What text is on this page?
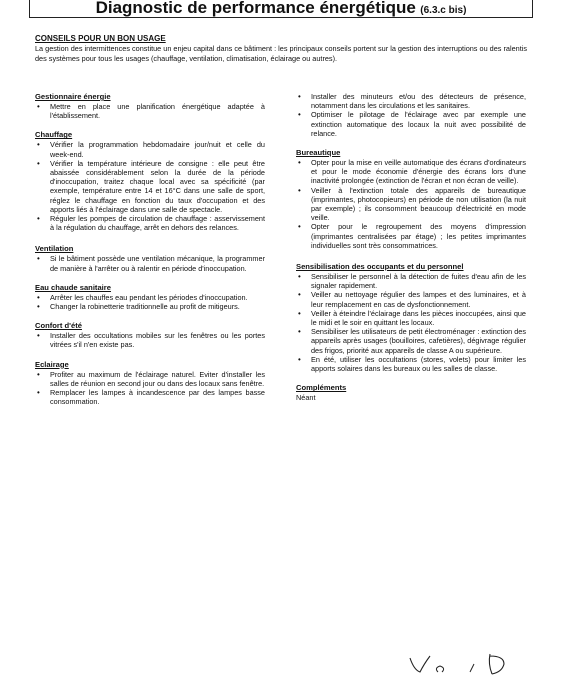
Diagnostic de performance énergétique (6.3.c bis)
CONSEILS POUR UN BON USAGE
La gestion des intermittences constitue un enjeu capital dans ce bâtiment : les principaux conseils portent sur la gestion des interruptions ou des ralentis des systèmes pour tous les usages (chauffage, ventilation, climatisation, éclairage ou autres).
Gestionnaire énergie
• Mettre en place une planification énergétique adaptée à l'établissement.
Chauffage
• Vérifier la programmation hebdomadaire jour/nuit et celle du week-end.
• Vérifier la température intérieure de consigne : elle peut être abaissée considérablement selon la durée de la période d'inoccupation, traitez chaque local avec sa spécificité (par exemple, température entre 14 et 16°C dans une salle de sport, réglez le chauffage en fonction du taux d'occupation et des apports liés à l'éclairage dans une salle de spectacle.
• Réguler les pompes de circulation de chauffage : asservissement à la régulation du chauffage, arrêt en dehors des relances.
Ventilation
• Si le bâtiment possède une ventilation mécanique, la programmer de manière à l'arrêter ou à ralentir en période d'inoccupation.
Eau chaude sanitaire
• Arrêter les chauffes eau pendant les périodes d'inoccupation.
• Changer la robinetterie traditionnelle au profit de mitigeurs.
Confort d'été
• Installer des occultations mobiles sur les fenêtres ou les portes vitrées s'il n'en existe pas.
Eclairage
• Profiter au maximum de l'éclairage naturel. Eviter d'installer les salles de réunion en second jour ou dans des locaux sans fenêtre.
• Remplacer les lampes à incandescence par des lampes basse consommation.
• Installer des minuteurs et/ou des détecteurs de présence, notamment dans les circulations et les sanitaires.
• Optimiser le pilotage de l'éclairage avec par exemple une extinction automatique des locaux la nuit avec possibilité de relance.
Bureautique
• Opter pour la mise en veille automatique des écrans d'ordinateurs et pour le mode économie d'énergie des écrans lors d'une inactivité prolongée (extinction de l'écran et non écran de veille).
• Veiller à l'extinction totale des appareils de bureautique (imprimantes, photocopieurs) en période de non utilisation (la nuit par exemple) ; ils consomment beaucoup d'électricité en mode veille.
• Opter pour le regroupement des moyens d'impression (imprimantes centralisées par étage) ; les petites imprimantes individuelles sont très consommatrices.
Sensibilisation des occupants et du personnel
• Sensibiliser le personnel à la détection de fuites d'eau afin de les signaler rapidement.
• Veiller au nettoyage régulier des lampes et des luminaires, et à leur remplacement en cas de dysfonctionnement.
• Veiller à éteindre l'éclairage dans les pièces inoccupées, ainsi que le midi et le soir en quittant les locaux.
• Sensibiliser les utilisateurs de petit électroménager : extinction des appareils après usages (bouilloires, cafetières), dégivrage régulier des frigos, priorité aux appareils de classe A ou supérieure.
• En été, utiliser les occultations (stores, volets) pour limiter les apports solaires dans les bureaux ou les salles de classe.
Compléments
Néant
